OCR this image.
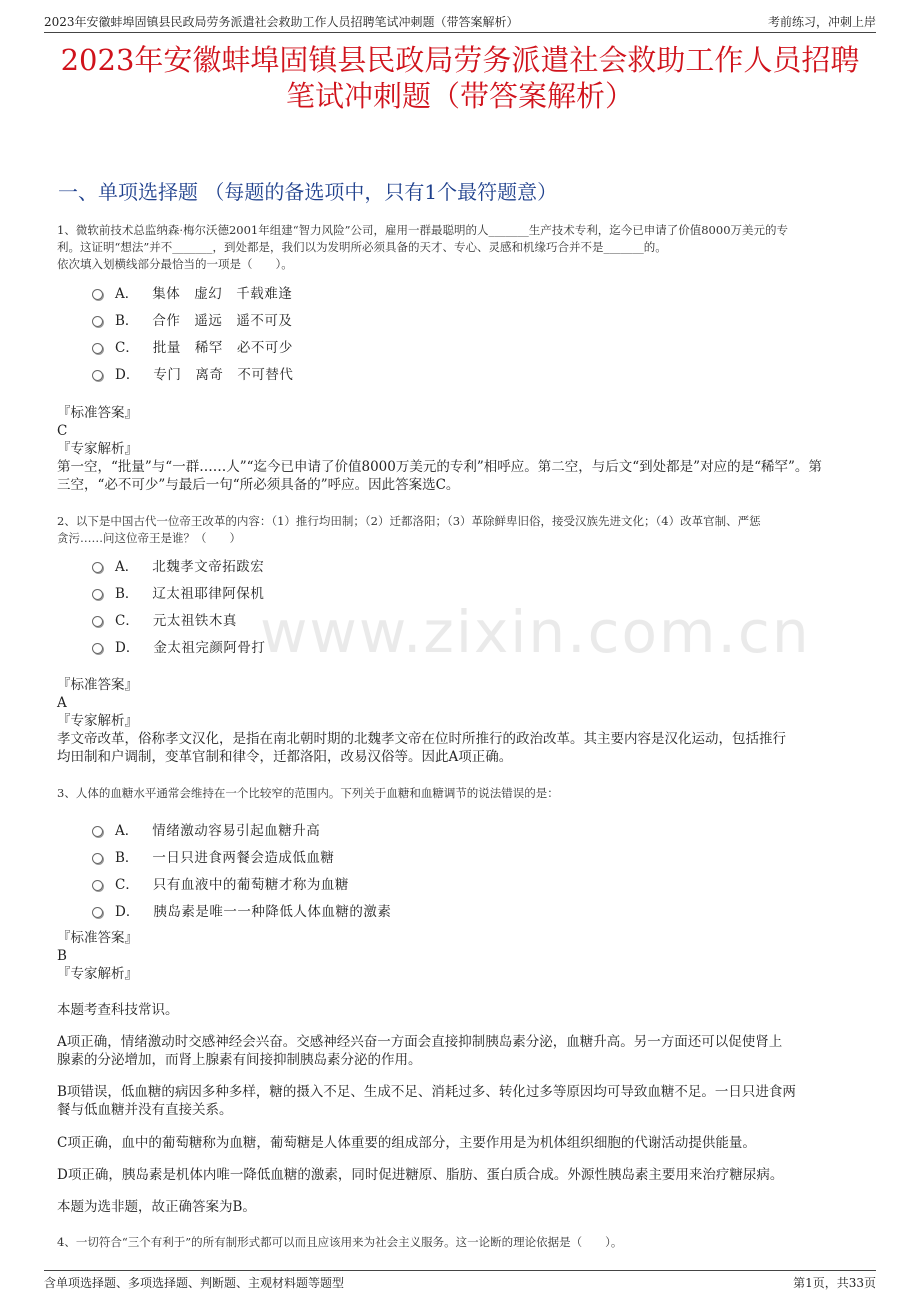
2023年安徽蚌埠固镇县民政局劳务派遣社会救助工作人员招聘笔试冲刺题（带答案解析）	考前练习，冲刺上岸
2023年安徽蚌埠固镇县民政局劳务派遣社会救助工作人员招聘
笔试冲刺题（带答案解析）
一、单项选择题 （每题的备选项中，只有1个最符题意）
www.zixin.com.cn
1、微软前技术总监纳森·梅尔沃德2001年组建“智力风险”公司，雇用一群最聪明的人_______生产技术专利，迄今已申请了价值8000万美元的专
利。这证明“想法”并不_______，到处都是，我们以为发明所必须具备的天才、专心、灵感和机缘巧合并不是_______的。
依次填入划横线部分最恰当的一项是（　　）。
A． 集体　虚幻　千载难逢
B． 合作　遥远　遥不可及
C． 批量　稀罕　必不可少
D． 专门　离奇　不可替代
『标准答案』
C
『专家解析』
第一空，“批量”与“一群……人”“迄今已申请了价值8000万美元的专利”相呼应。第二空，与后文“到处都是”对应的是“稀罕”。第
三空，“必不可少”与最后一句“所必须具备的”呼应。因此答案选C。
2、以下是中国古代一位帝王改革的内容：（1）推行均田制；（2）迁都洛阳；（3）革除鲜卑旧俗，接受汉族先进文化；（4）改革官制、严惩
贪污……问这位帝王是谁？（　　）
A． 北魏孝文帝拓跋宏
B． 辽太祖耶律阿保机
C． 元太祖铁木真
D． 金太祖完颜阿骨打
『标准答案』
A
『专家解析』
孝文帝改革，俗称孝文汉化，是指在南北朝时期的北魏孝文帝在位时所推行的政治改革。其主要内容是汉化运动，包括推行
均田制和户调制，变革官制和律令，迁都洛阳，改易汉俗等。因此A项正确。
3、人体的血糖水平通常会维持在一个比较窄的范围内。下列关于血糖和血糖调节的说法错误的是：
A． 情绪激动容易引起血糖升高
B． 一日只进食两餐会造成低血糖
C． 只有血液中的葡萄糖才称为血糖
D． 胰岛素是唯一一种降低人体血糖的激素
『标准答案』
B
『专家解析』
本题考查科技常识。
A项正确，情绪激动时交感神经会兴奋。交感神经兴奋一方面会直接抑制胰岛素分泌，血糖升高。另一方面还可以促使肾上
腺素的分泌增加，而肾上腺素有间接抑制胰岛素分泌的作用。
B项错误，低血糖的病因多种多样，糖的摄入不足、生成不足、消耗过多、转化过多等原因均可导致血糖不足。一日只进食两
餐与低血糖并没有直接关系。
C项正确，血中的葡萄糖称为血糖，葡萄糖是人体重要的组成部分，主要作用是为机体组织细胞的代谢活动提供能量。
D项正确，胰岛素是机体内唯一降低血糖的激素，同时促进糖原、脂肪、蛋白质合成。外源性胰岛素主要用来治疗糖尿病。
本题为选非题，故正确答案为B。
4、一切符合“三个有利于”的所有制形式都可以而且应该用来为社会主义服务。这一论断的理论依据是（　　）。
含单项选择题、多项选择题、判断题、主观材料题等题型	第1页，共33页
